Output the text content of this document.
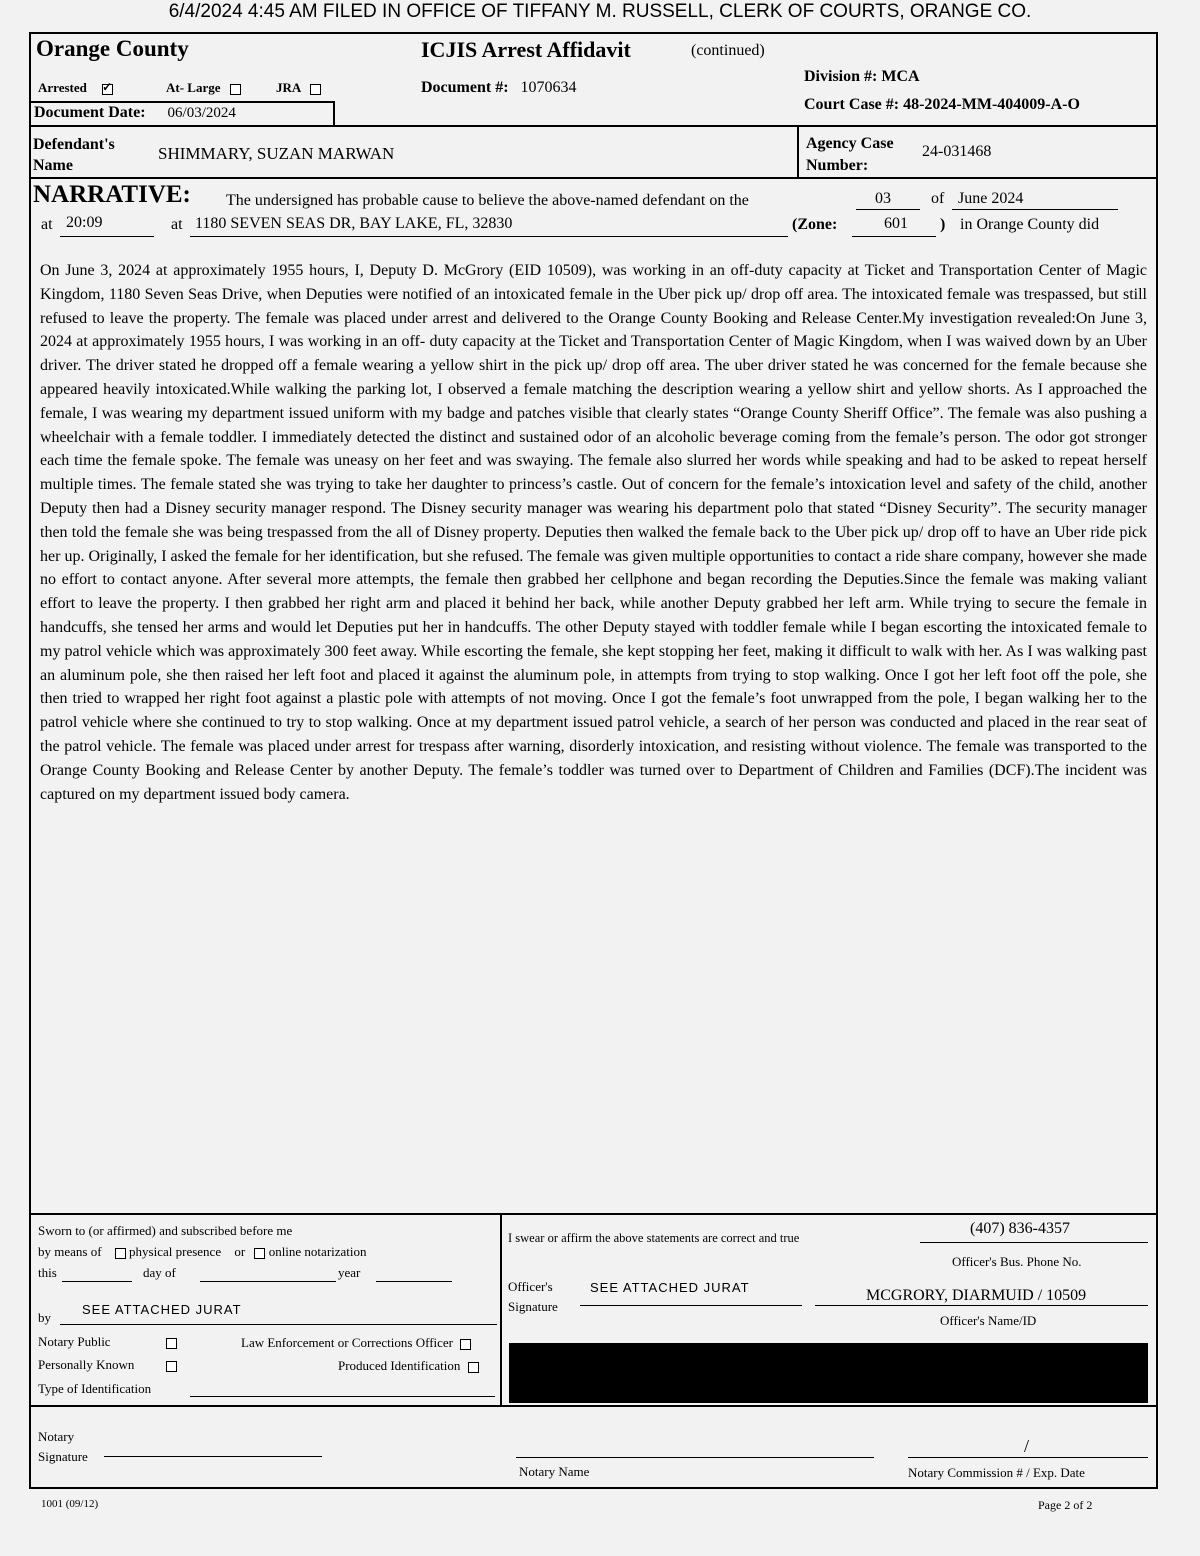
6/4/2024 4:45 AM FILED IN OFFICE OF TIFFANY M. RUSSELL, CLERK OF COURTS, ORANGE CO.
Orange County	ICJIS Arrest Affidavit	(continued)
Arrested ✓	At- Large	JRA	Document #: 1070634
Division #: MCA
Court Case #: 48-2024-MM-404009-A-O
Document Date: 06/03/2024
Defendant's
Name
SHIMMARY, SUZAN MARWAN
Agency Case
Number:
24-031468
NARRATIVE: The undersigned has probable cause to believe the above-named defendant on the	03	of June 2024
at 20:09	at 1180 SEVEN SEAS DR, BAY LAKE, FL, 32830	(Zone:	601 ) in Orange County did
On June 3, 2024 at approximately 1955 hours, I, Deputy D. McGrory (EID 10509), was working in an off-duty capacity at Ticket and Transportation Center of Magic Kingdom, 1180 Seven Seas Drive, when Deputies were notified of an intoxicated female in the Uber pick up/ drop off area. The intoxicated female was trespassed, but still refused to leave the property. The female was placed under arrest and delivered to the Orange County Booking and Release Center.My investigation revealed:On June 3, 2024 at approximately 1955 hours, I was working in an off- duty capacity at the Ticket and Transportation Center of Magic Kingdom, when I was waived down by an Uber driver. The driver stated he dropped off a female wearing a yellow shirt in the pick up/ drop off area. The uber driver stated he was concerned for the female because she appeared heavily intoxicated.While walking the parking lot, I observed a female matching the description wearing a yellow shirt and yellow shorts. As I approached the female, I was wearing my department issued uniform with my badge and patches visible that clearly states “Orange County Sheriff Office”. The female was also pushing a wheelchair with a female toddler. I immediately detected the distinct and sustained odor of an alcoholic beverage coming from the female’s person. The odor got stronger each time the female spoke. The female was uneasy on her feet and was swaying. The female also slurred her words while speaking and had to be asked to repeat herself multiple times. The female stated she was trying to take her daughter to princess’s castle. Out of concern for the female’s intoxication level and safety of the child, another Deputy then had a Disney security manager respond. The Disney security manager was wearing his department polo that stated “Disney Security”. The security manager then told the female she was being trespassed from the all of Disney property. Deputies then walked the female back to the Uber pick up/ drop off to have an Uber ride pick her up. Originally, I asked the female for her identification, but she refused. The female was given multiple opportunities to contact a ride share company, however she made no effort to contact anyone. After several more attempts, the female then grabbed her cellphone and began recording the Deputies.Since the female was making valiant effort to leave the property. I then grabbed her right arm and placed it behind her back, while another Deputy grabbed her left arm. While trying to secure the female in handcuffs, she tensed her arms and would let Deputies put her in handcuffs. The other Deputy stayed with toddler female while I began escorting the intoxicated female to my patrol vehicle which was approximately 300 feet away. While escorting the female, she kept stopping her feet, making it difficult to walk with her. As I was walking past an aluminum pole, she then raised her left foot and placed it against the aluminum pole, in attempts from trying to stop walking. Once I got her left foot off the pole, she then tried to wrapped her right foot against a plastic pole with attempts of not moving. Once I got the female’s foot unwrapped from the pole, I began walking her to the patrol vehicle where she continued to try to stop walking. Once at my department issued patrol vehicle, a search of her person was conducted and placed in the rear seat of the patrol vehicle. The female was placed under arrest for trespass after warning, disorderly intoxication, and resisting without violence. The female was transported to the Orange County Booking and Release Center by another Deputy. The female’s toddler was turned over to Department of Children and Families (DCF).The incident was captured on my department issued body camera.
Sworn to (or affirmed) and subscribed before me
by means of physical presence or online notarization
this	day of	year
SEE ATTACHED JURAT
by
Notary Public	Law Enforcement or Corrections Officer
Personally Known	Produced Identification
Type of Identification
I swear or affirm the above statements are correct and true
(407) 836-4357
Officer's Bus. Phone No.
Officer's
Signature
SEE ATTACHED JURAT	MCGRORY, DIARMUID / 10509
Officer's Name/ID
Notary
Signature
Notary Name
/
Notary Commission # / Exp. Date
1001 (09/12)	Page 2 of 2
